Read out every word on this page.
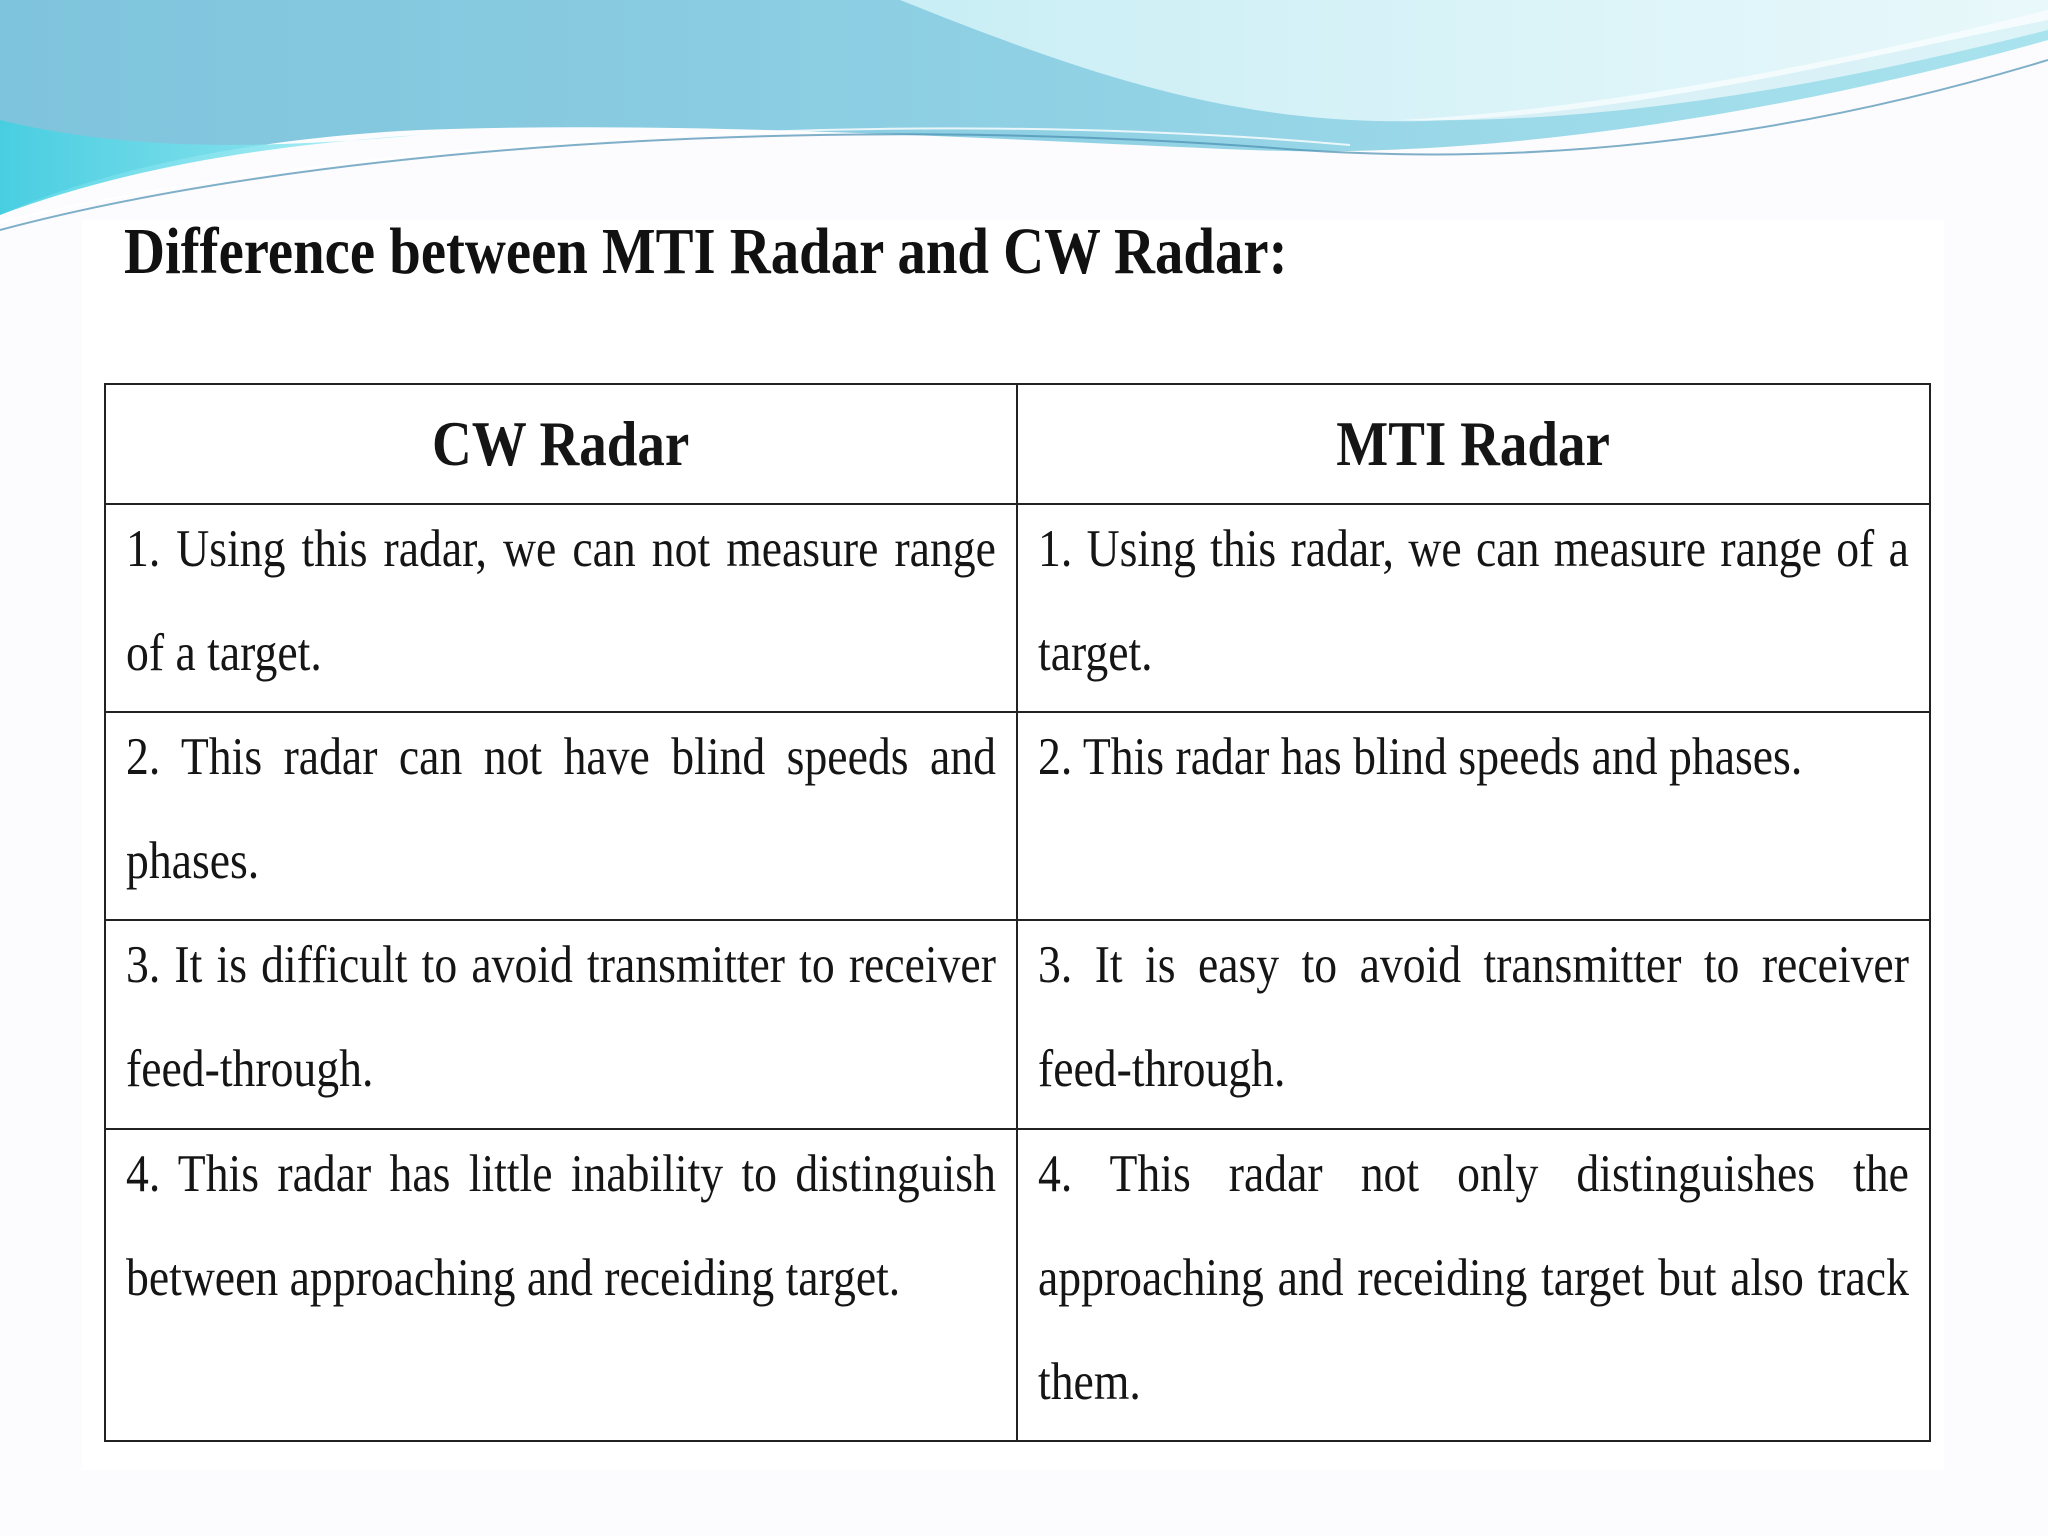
Difference between MTI Radar and CW Radar:
CW Radar	MTI Radar

1. Using this radar, we can not measure range of a target.	1. Using this radar, we can measure range of a target.

2. This radar can not have blind speeds and phases.	2. This radar has blind speeds and phases.

3. It is difficult to avoid transmitter to receiver feed-through.	3. It is easy to avoid transmitter to receiver feed-through.

4. This radar has little inability to distinguish between approaching and receiding target.	4. This radar not only distinguishes the approaching and receiding target but also track them.
